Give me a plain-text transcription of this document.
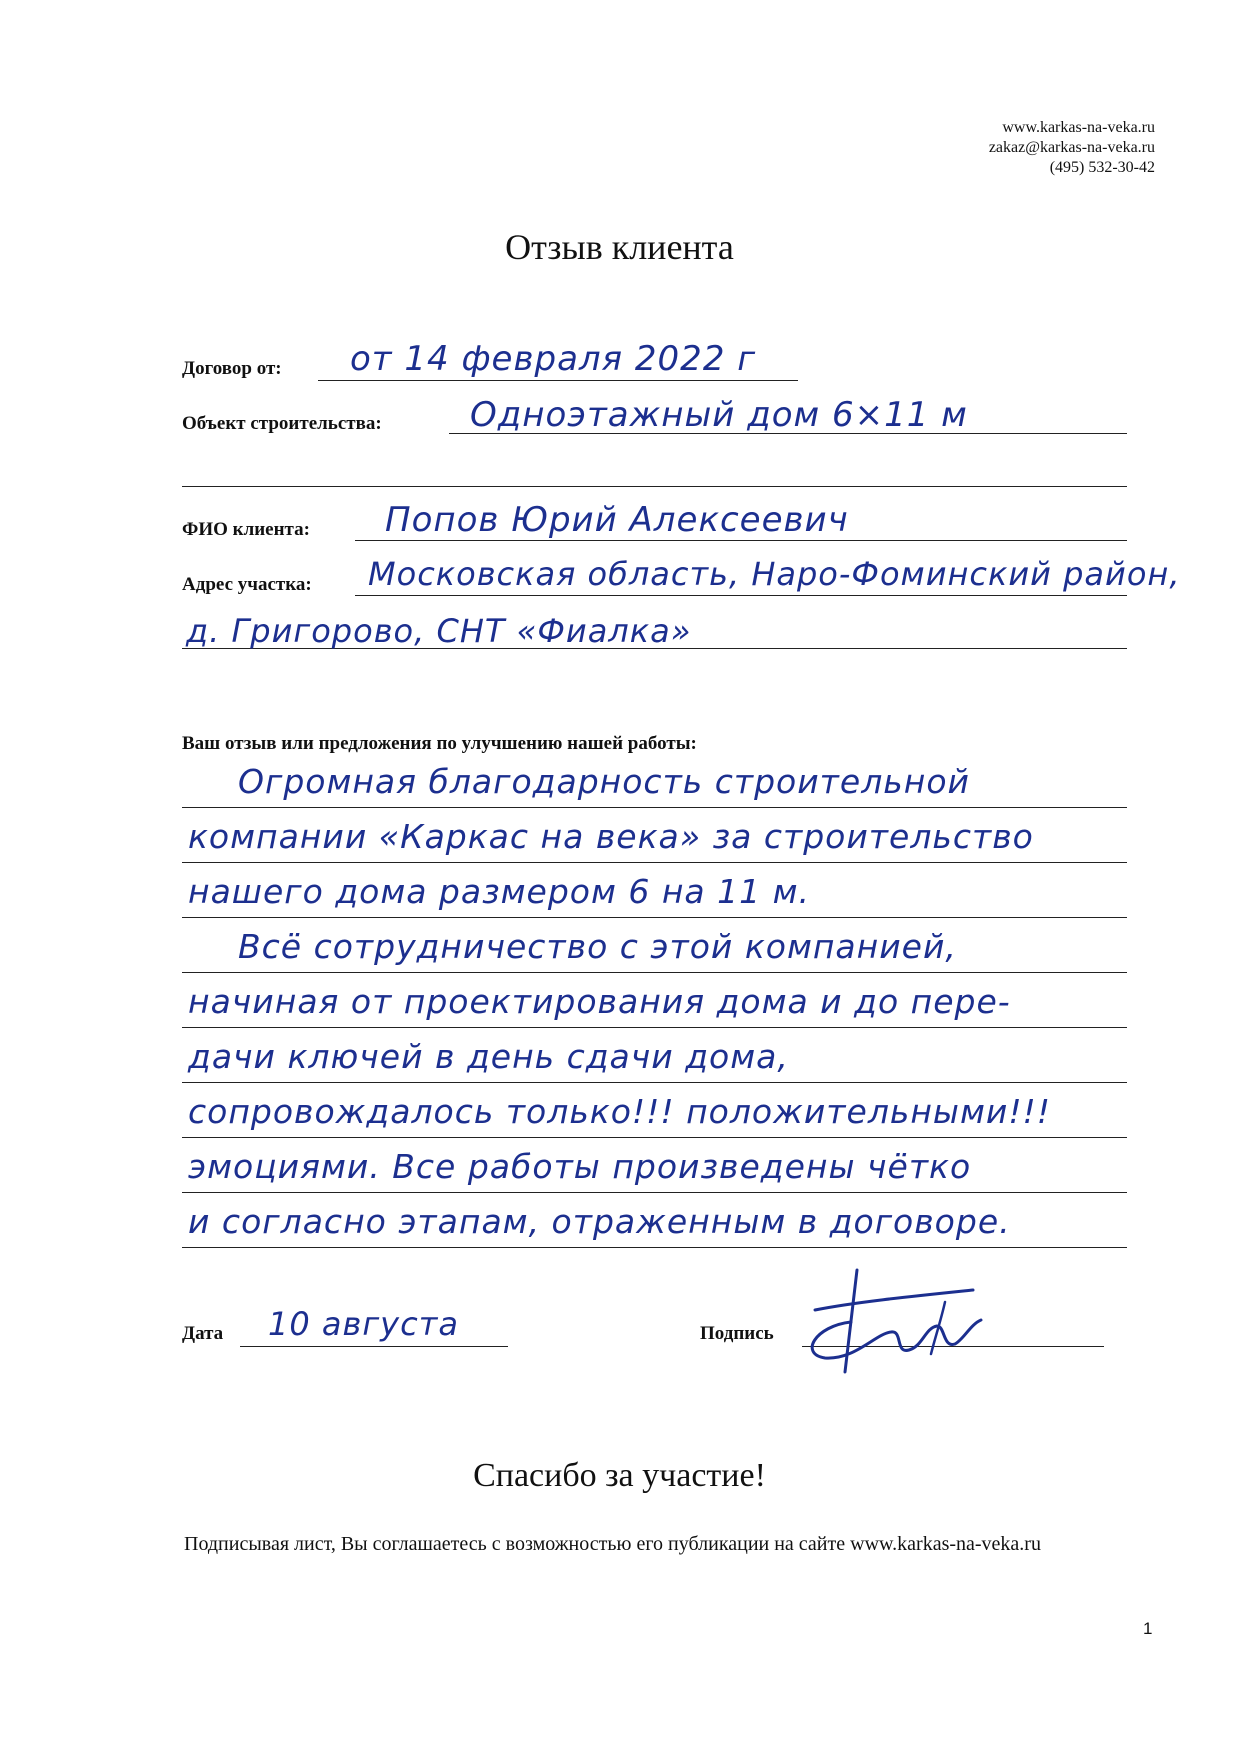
www.karkas-na-veka.ru
zakaz@karkas-na-veka.ru
(495) 532-30-42
Отзыв клиента
Договор от: от 14 февраля 2022 г
Объект строительства:	Одноэтажный дом 6×11 м
ФИО клиента: Попов Юрий Алексеевич
Адрес участка: Московская область, Наро-Фоминский район,
д. Григорово, СНТ «Фиалка»
Ваш отзыв или предложения по улучшению нашей работы:
Огромная благодарность строительной
компании «Каркас на века» за строительство
нашего дома размером 6 на 11 м.
Всё сотрудничество с этой компанией,
начиная от проектирования дома и до пере-
дачи ключей в день сдачи дома,
сопровождалось только!!! положительными!!!
эмоциями. Все работы произведены чётко
и согласно этапам, отраженным в договоре.
Дата 10 августа	Подпись
Спасибо за участие!
Подписывая лист, Вы соглашаетесь с возможностью его публикации на сайте www.karkas-na-veka.ru
1
